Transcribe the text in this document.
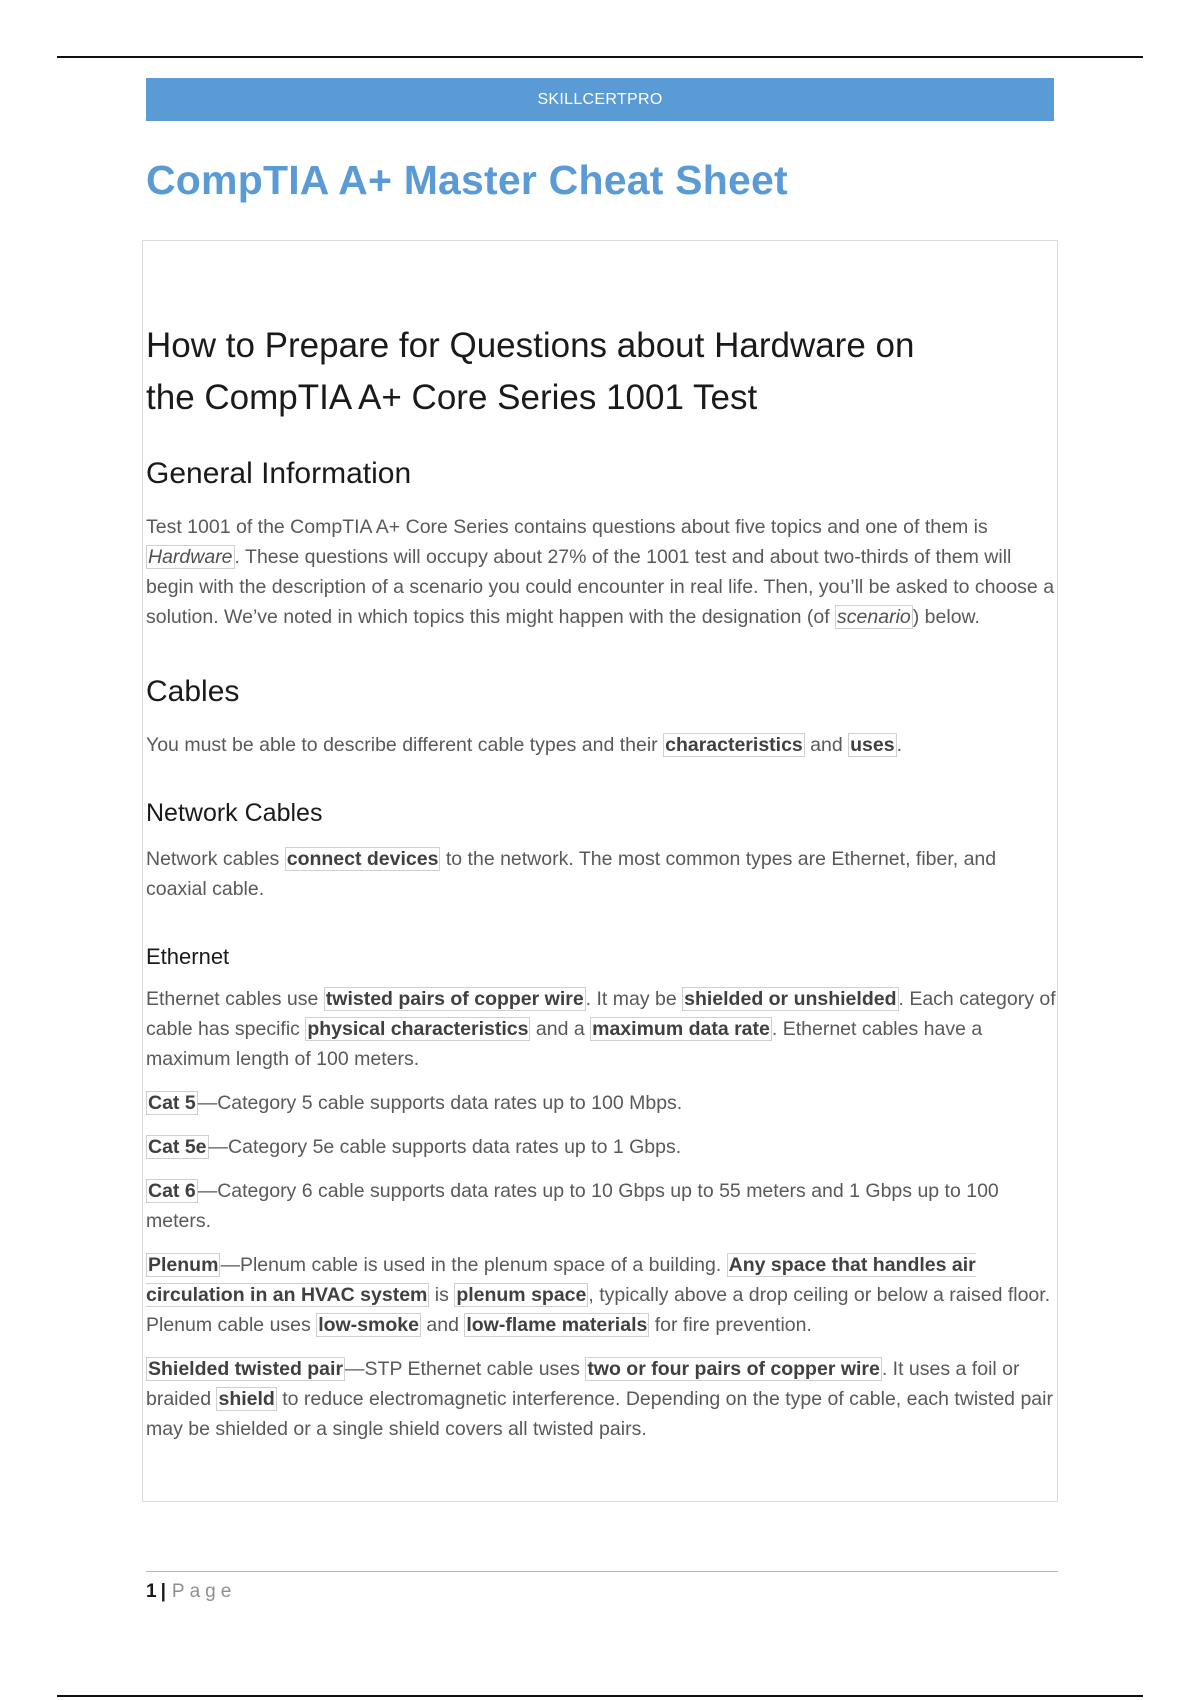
SKILLCERTPRO
CompTIA A+ Master Cheat Sheet
How to Prepare for Questions about Hardware on
the CompTIA A+ Core Series 1001 Test
General Information

Test 1001 of the CompTIA A+ Core Series contains questions about five topics and one of them is Hardware . These questions will occupy about 27% of the 1001 test and about two-thirds of them will begin with the description of a scenario you could encounter in real life. Then, you’ll be asked to choose a solution. We’ve noted in which topics this might happen with the designation (of scenario ) below.

Cables

You must be able to describe different cable types and their characteristics and uses .

Network Cables

Network cables connect devices to the network. The most common types are Ethernet, fiber, and coaxial cable.

Ethernet

Ethernet cables use twisted pairs of copper wire . It may be shielded or unshielded . Each category of cable has specific physical characteristics and a maximum data rate . Ethernet cables have a maximum length of 100 meters.

Cat 5 —Category 5 cable supports data rates up to 100 Mbps.

Cat 5e —Category 5e cable supports data rates up to 1 Gbps.

Cat 6 —Category 6 cable supports data rates up to 10 Gbps up to 55 meters and 1 Gbps up to 100 meters.

Plenum —Plenum cable is used in the plenum space of a building. Any space that handles air circulation in an HVAC system is plenum space , typically above a drop ceiling or below a raised floor. Plenum cable uses low-smoke and low-flame materials for fire prevention.

Shielded twisted pair —STP Ethernet cable uses two or four pairs of copper wire . It uses a foil or braided shield to reduce electromagnetic interference. Depending on the type of cable, each twisted pair may be shielded or a single shield covers all twisted pairs.

1 | Page
